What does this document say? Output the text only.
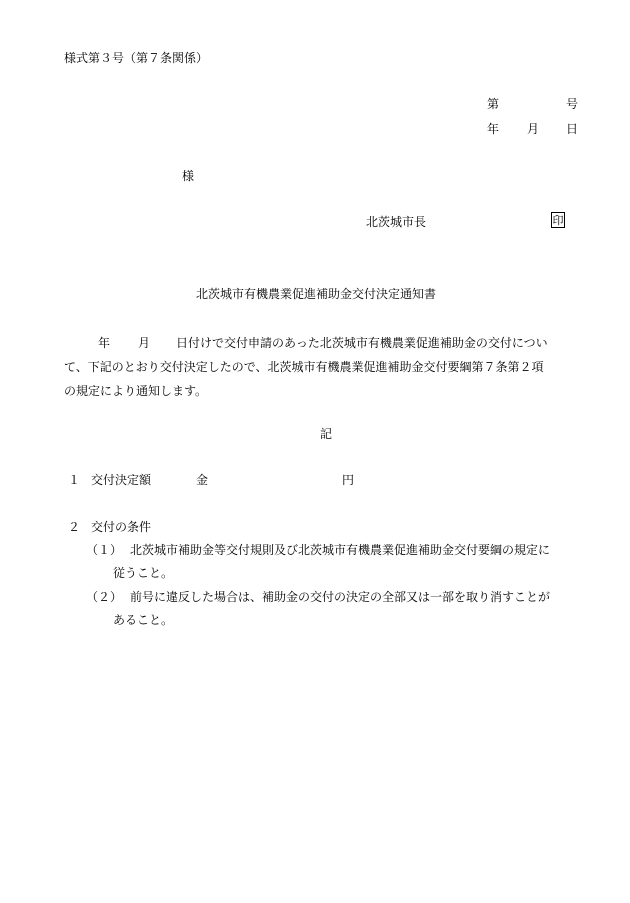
様式第３号（第７条関係）
第	号
年 月 日
様
北茨城市長	印
北茨城市有機農業促進補助金交付決定通知書
年 月 日付けで交付申請のあった北茨城市有機農業促進補助金の交付につい
て、下記のとおり交付決定したので、北茨城市有機農業促進補助金交付要綱第７条第２項
の規定により通知します。
記
１ 交付決定額	金	円
２ 交付の条件
（１） 北茨城市補助金等交付規則及び北茨城市有機農業促進補助金交付要綱の規定に
従うこと。
（２） 前号に違反した場合は、補助金の交付の決定の全部又は一部を取り消すことが
あること。
